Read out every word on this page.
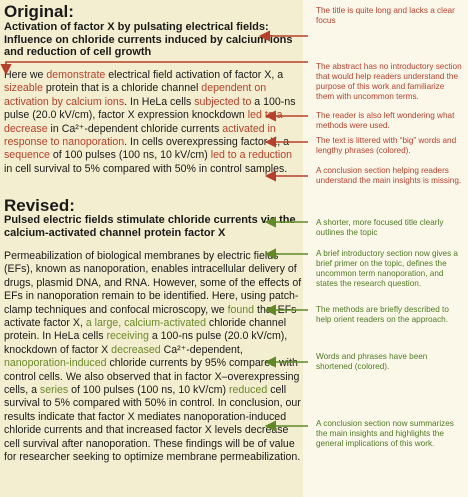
Original:
Activation of factor X by pulsating electrical fields: Influence on chloride currents induced by calcium ions and reduction of cell growth
Here we demonstrate electrical field activation of factor X, a sizeable protein that is a chloride channel dependent on activation by calcium ions. In HeLa cells subjected to a 100-ns pulse (20.0 kV/cm), factor X expression knockdown led to a decrease in Ca²⁺-dependent chloride currents activated in response to nanoporation. In cells overexpressing factor X, a sequence of 100 pulses (100 ns, 10 kV/cm) led to a reduction in cell survival to 5% compared with 50% in control samples.
Revised:
Pulsed electric fields stimulate chloride currents via the calcium-activated channel protein factor X
Permeabilization of biological membranes by electric fields (EFs), known as nanoporation, enables intracellular delivery of drugs, plasmid DNA, and RNA. However, some of the effects of EFs in nanoporation remain to be identified. Here, using patch-clamp techniques and confocal microscopy, we found that EFs activate factor X, a large, calcium-activated chloride channel protein. In HeLa cells receiving a 100-ns pulse (20.0 kV/cm), knockdown of factor X decreased Ca²⁺-dependent, nanoporation-induced chloride currents by 95% compared with control cells. We also observed that in factor X–overexpressing cells, a series of 100 pulses (100 ns, 10 kV/cm) reduced cell survival to 5% compared with 50% in control. In conclusion, our results indicate that factor X mediates nanoporation-induced chloride currents and that increased factor X levels decrease cell survival after nanoporation. These findings will be of value for researcher seeking to optimize membrane permeabilization.
The title is quite long and lacks a clear focus
The abstract has no introductory section that would help readers understand the purpose of this work and familiarize them with uncommon terms.
The reader is also left wondering what methods were used.
The text is littered with “big” words and lengthy phrases (colored).
A conclusion section helping readers understand the main insights is missing.
A shorter, more focused title clearly outlines the topic
A brief introductory section now gives a brief primer on the topic, defines the uncommon term nanoporation, and states the research question.
The methods are briefly described to help orient readers on the approach.
Words and phrases have been shortened (colored).
A conclusion section now summarizes the main insights and highlights the general implications of this work.
